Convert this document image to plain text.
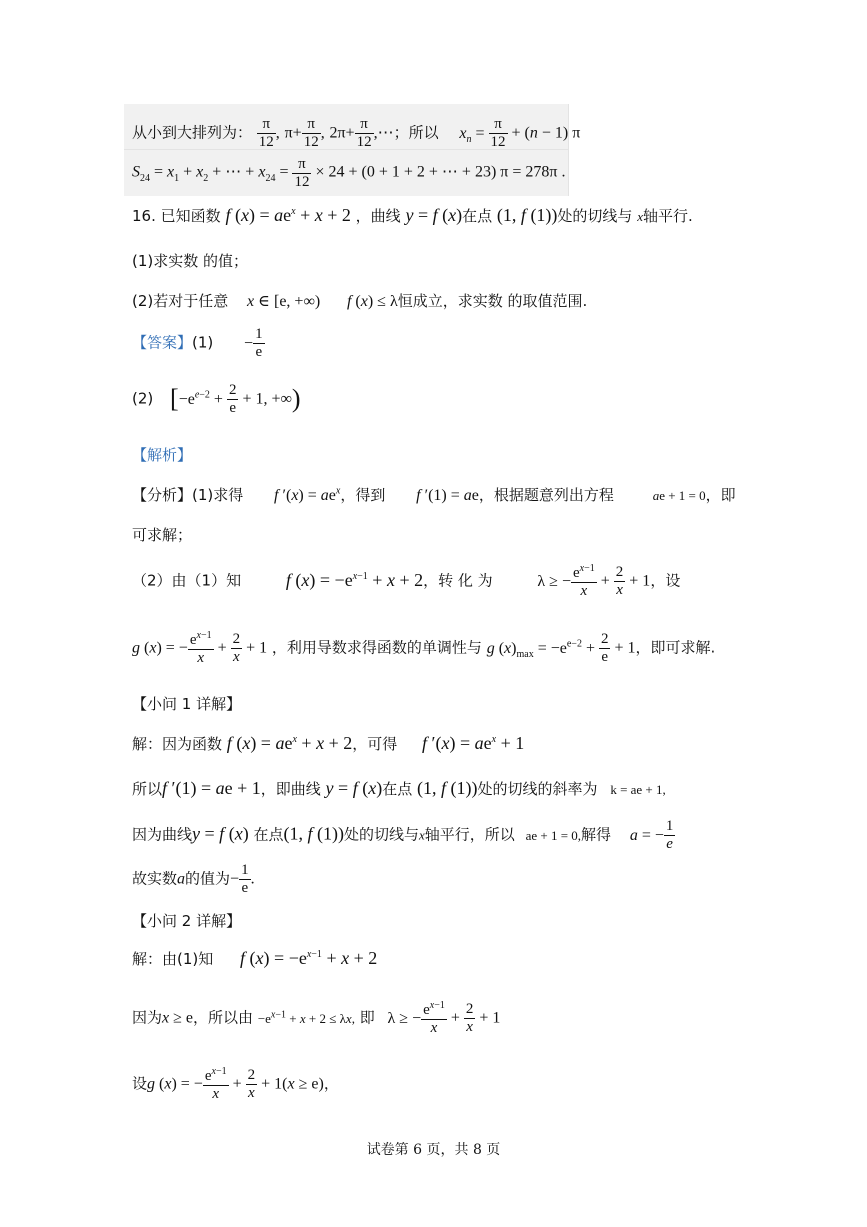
从小到大排列为： $\frac{\pi}{12}$ , $\pi+ \frac{\pi}{12}$ , $2\pi+ \frac{\pi}{12}$ ,⋯；所以 $x_n = \frac{\pi}{12} + (n - 1)$ π
$S_{24} = x_1 + x_2$ + ⋯ + $x_{24} = \frac{\pi}{12} \times 24 + (0 + 1 + 2$ + ⋯ + 23) π = 278π .
16. 已知函数 f $(x) = ae^x + x + 2$ ，曲线 y = f (x)在点 (1, f (1))处的切线与 x轴平行.
(1)求实数 的值；
(2)若对于任意 x ∈ [e, +∞) f (x) ≤ λ恒成立，求实数 的取值范围.
【答案】$(1) - \frac{1}{e}$
(2) [$-e^{e-2} + \frac{2}{e} + 1$, +∞)
【解析】
【分析】(1)求得 f $'(x) = ae^x$，得到 f ′(1) = ae，根据题意列出方程	ae + 1 = 0，即
可求解；
（2）由（1）知 f $(x) = -e^{x-1} + x + 2$，转 化 为	λ ≥ − $\frac{e^{x-1}}{x} + \frac{2}{x} + 1$，设
g (x) = − $\frac{e^{x-1}}{x} + \frac{2}{x} + 1$ ，利用导数求得函数的单调性与 g $(x)_{max} = -e^{e-2} + \frac{2}{e} + 1$，即可求解.
【小问 1 详解】
解：因为函数 f $(x) = ae^x + x + 2$，可得 f $'(x) = ae^x + 1$
所以f ′(1) = ae + 1，即曲线 y = f (x)在点 (1, f (1))处的切线的斜率为 k = ae + 1,
因为曲线y = f (x) 在点(1, f (1))处的切线与x轴平行，所以 ae + 1 = 0,解得 a = − $\frac{1}{e}$
故实数a的值为− $\frac{1}{e}$ .
【小问 2 详解】
解：由(1)知 f $(x) = -e^{x-1} + x + 2$
因为x ≥ e，所以由 $-e^{x-1} + x + 2 \le \lambda x$, 即 λ ≥ − $\frac{e^{x-1}}{x} + \frac{2}{x} + 1$
设g (x) = − $\frac{e^{x-1}}{x} + \frac{2}{x} + 1(x \ge e)$，
试卷第 6 页，共 8 页
